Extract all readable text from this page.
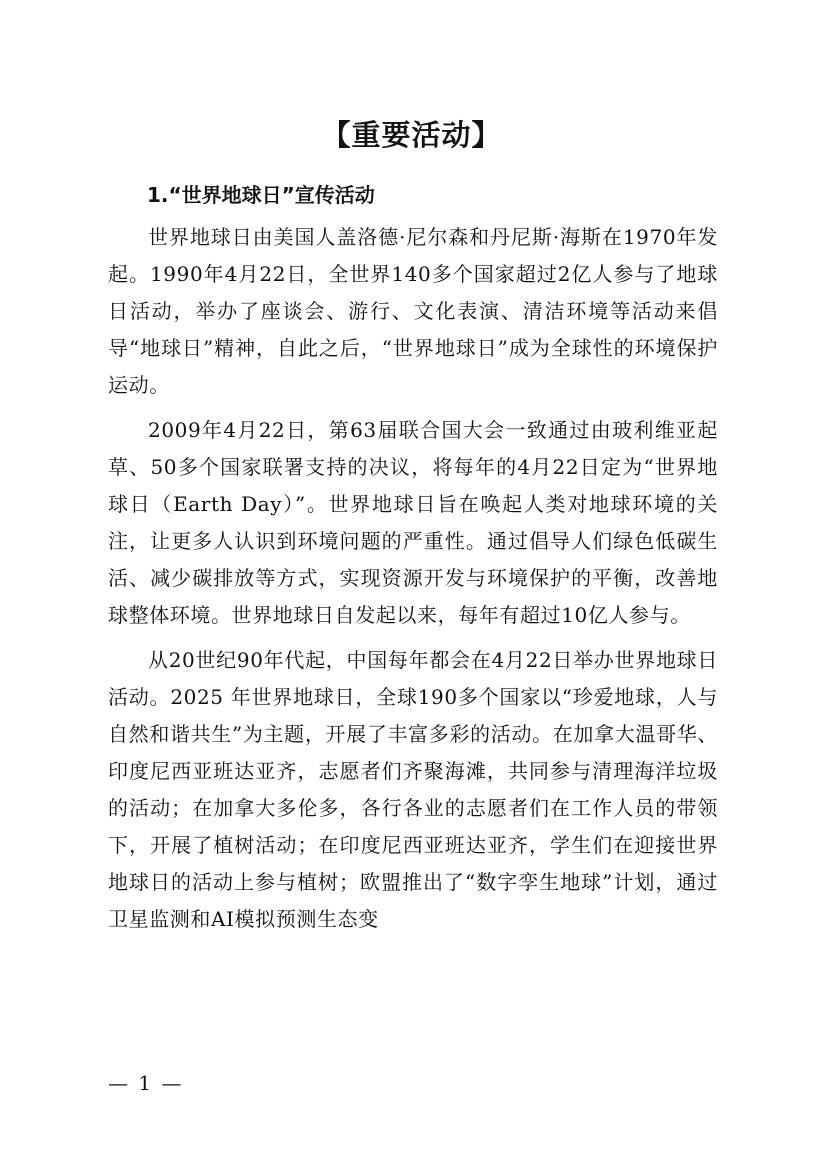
【重要活动】
1.“世界地球日”宣传活动

世界地球日由美国人盖洛德·尼尔森和丹尼斯·海斯在1970年发起。1990年4月22日，全世界140多个国家超过2亿人参与了地球日活动，举办了座谈会、游行、文化表演、清洁环境等活动来倡导“地球日”精神，自此之后，“世界地球日”成为全球性的环境保护运动。

2009年4月22日，第63届联合国大会一致通过由玻利维亚起草、50多个国家联署支持的决议，将每年的4月22日定为“世界地球日（Earth Day）”。世界地球日旨在唤起人类对地球环境的关注，让更多人认识到环境问题的严重性。通过倡导人们绿色低碳生活、减少碳排放等方式，实现资源开发与环境保护的平衡，改善地球整体环境。世界地球日自发起以来，每年有超过10亿人参与。

从20世纪90年代起，中国每年都会在4月22日举办世界地球日活动。2025 年世界地球日，全球190多个国家以“珍爱地球，人与自然和谐共生”为主题，开展了丰富多彩的活动。在加拿大温哥华、印度尼西亚班达亚齐，志愿者们齐聚海滩，共同参与清理海洋垃圾的活动；在加拿大多伦多，各行各业的志愿者们在工作人员的带领下，开展了植树活动；在印度尼西亚班达亚齐，学生们在迎接世界地球日的活动上参与植树；欧盟推出了“数字孪生地球”计划，通过卫星监测和AI模拟预测生态变

— 1 —
